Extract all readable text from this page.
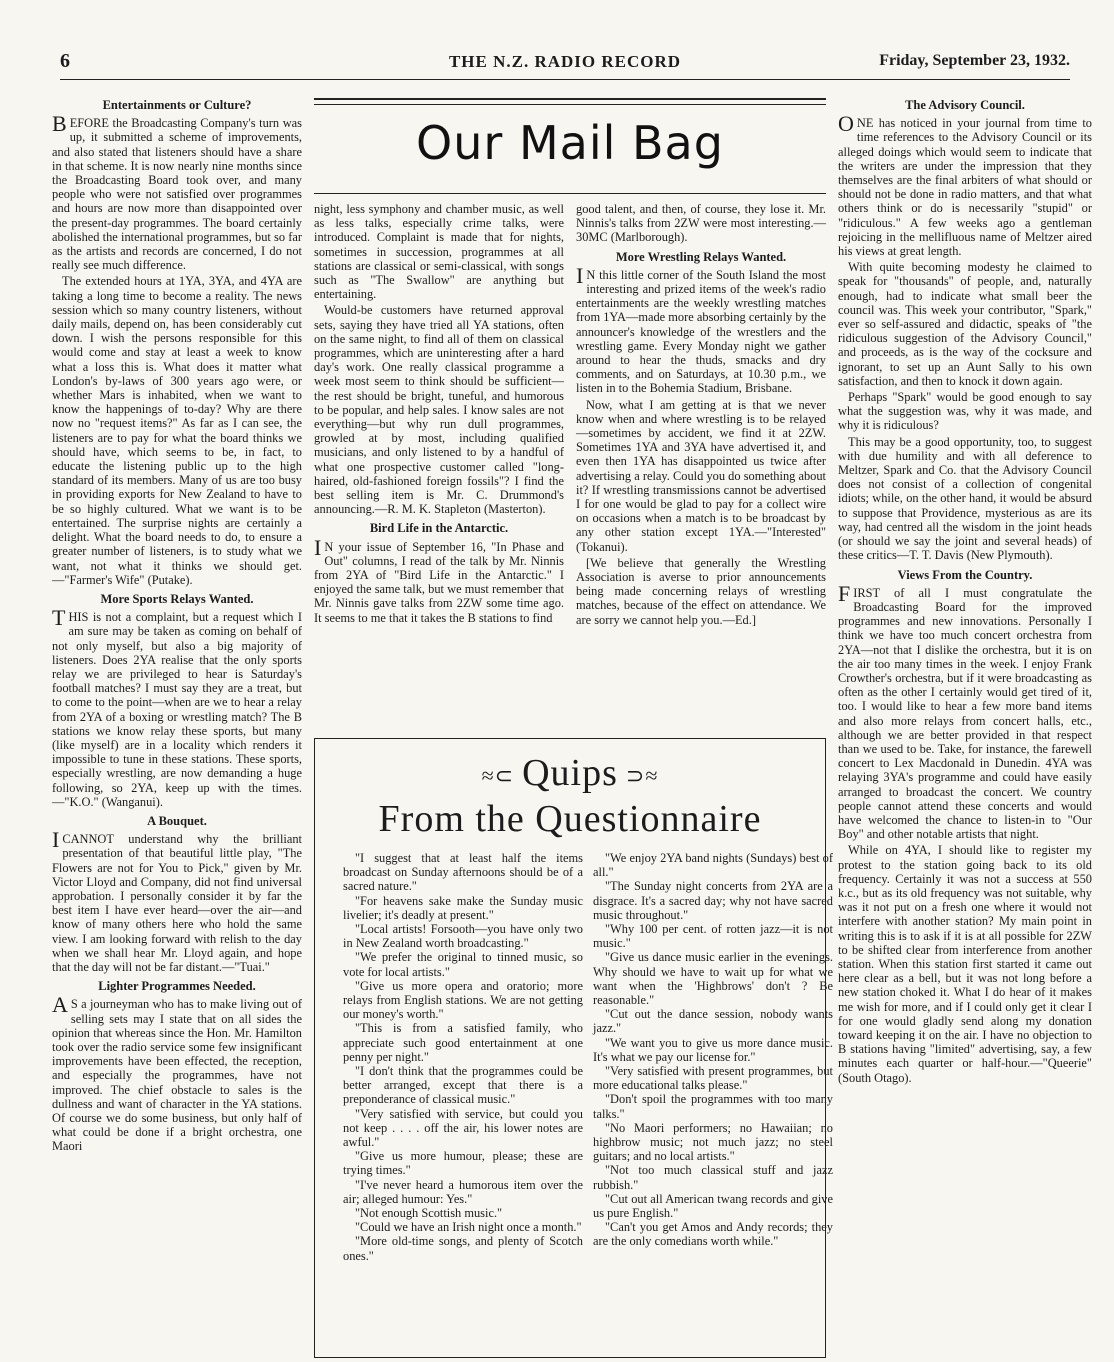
6	THE N.Z. RADIO RECORD	Friday, September 23, 1932.
Entertainments or Culture?

BEFORE the Broadcasting Company's turn was up, it submitted a scheme of improvements, and also stated that listeners should have a share in that scheme. It is now nearly nine months since the Broadcasting Board took over, and many people who were not satisfied over programmes and hours are now more than disappointed over the present-day programmes. The board certainly abolished the international programmes, but so far as the artists and records are concerned, I do not really see much difference.

The extended hours at 1YA, 3YA, and 4YA are taking a long time to become a reality. The news session which so many country listeners, without daily mails, depend on, has been considerably cut down. I wish the persons responsible for this would come and stay at least a week to know what a loss this is. What does it matter what London's by-laws of 300 years ago were, or whether Mars is inhabited, when we want to know the happenings of to-day? Why are there now no "request items?" As far as I can see, the listeners are to pay for what the board thinks we should have, which seems to be, in fact, to educate the listening public up to the high standard of its members. Many of us are too busy in providing exports for New Zealand to have to be so highly cultured. What we want is to be entertained. The surprise nights are certainly a delight. What the board needs to do, to ensure a greater number of listeners, is to study what we want, not what it thinks we should get.—"Farmer's Wife" (Putake).

More Sports Relays Wanted.

THIS is not a complaint, but a request which I am sure may be taken as coming on behalf of not only myself, but also a big majority of listeners. Does 2YA realise that the only sports relay we are privileged to hear is Saturday's football matches? I must say they are a treat, but to come to the point—when are we to hear a relay from 2YA of a boxing or wrestling match? The B stations we know relay these sports, but many (like myself) are in a locality which renders it impossible to tune in these stations. These sports, especially wrestling, are now demanding a huge following, so 2YA, keep up with the times.—"K.O." (Wanganui).

A Bouquet.

ICANNOT understand why the brilliant presentation of that beautiful little play, "The Flowers are not for You to Pick," given by Mr. Victor Lloyd and Company, did not find universal approbation. I personally consider it by far the best item I have ever heard—over the air—and know of many others here who hold the same view. I am looking forward with relish to the day when we shall hear Mr. Lloyd again, and hope that the day will not be far distant.—"Tuai."

Lighter Programmes Needed.

A S a journeyman who has to make living out of selling sets may I state that on all sides the opinion that whereas since the Hon. Mr. Hamilton took over the radio service some few insignificant improvements have been effected, the reception, and especially the programmes, have not improved. The chief obstacle to sales is the dullness and want of character in the YA stations. Of course we do some business, but only half of what could be done if a bright orchestra, one Maori

Our Mail Bag

night, less symphony and chamber music, as well as less talks, especially crime talks, were introduced. Complaint is made that for nights, sometimes in succession, programmes at all stations are classical or semi-classical, with songs such as "The Swallow" are anything but entertaining.

Would-be customers have returned approval sets, saying they have tried all YA stations, often on the same night, to find all of them on classical programmes, which are uninteresting after a hard day's work. One really classical programme a week most seem to think should be sufficient—the rest should be bright, tuneful, and humorous to be popular, and help sales. I know sales are not everything—but why run dull programmes, growled at by most, including qualified musicians, and only listened to by a handful of what one prospective customer called "long-haired, old-fashioned foreign fossils"? I find the best selling item is Mr. C. Drummond's announcing.—R. M. K. Stapleton (Masterton).

Bird Life in the Antarctic.

I N your issue of September 16, "In Phase and Out" columns, I read of the talk by Mr. Ninnis from 2YA of "Bird Life in the Antarctic." I enjoyed the same talk, but we must remember that Mr. Ninnis gave talks from 2ZW some time ago. It seems to me that it takes the B stations to find

good talent, and then, of course, they lose it. Mr. Ninnis's talks from 2ZW were most interesting.—30MC (Marlborough).

More Wrestling Relays Wanted.

I N this little corner of the South Island the most interesting and prized items of the week's radio entertainments are the weekly wrestling matches from 1YA—made more absorbing certainly by the announcer's knowledge of the wrestlers and the wrestling game. Every Monday night we gather around to hear the thuds, smacks and dry comments, and on Saturdays, at 10.30 p.m., we listen in to the Bohemia Stadium, Brisbane.

Now, what I am getting at is that we never know when and where wrestling is to be relayed—sometimes by accident, we find it at 2ZW. Sometimes 1YA and 3YA have advertised it, and even then 1YA has disappointed us twice after advertising a relay. Could you do something about it? If wrestling transmissions cannot be advertised I for one would be glad to pay for a collect wire on occasions when a match is to be broadcast by any other station except 1YA.—"Interested" (Tokanui).

[We believe that generally the Wrestling Association is averse to prior announcements being made concerning relays of wrestling matches, because of the effect on attendance. We are sorry we cannot help you.—Ed.]

The Advisory Council.

ONE has noticed in your journal from time to time references to the Advisory Council or its alleged doings which would seem to indicate that the writers are under the impression that they themselves are the final arbiters of what should or should not be done in radio matters, and that what others think or do is necessarily "stupid" or "ridiculous." A few weeks ago a gentleman rejoicing in the mellifluous name of Meltzer aired his views at great length.

With quite becoming modesty he claimed to speak for "thousands" of people, and, naturally enough, had to indicate what small beer the council was. This week your contributor, "Spark," ever so self-assured and didactic, speaks of "the ridiculous suggestion of the Advisory Council," and proceeds, as is the way of the cocksure and ignorant, to set up an Aunt Sally to his own satisfaction, and then to knock it down again.

Perhaps "Spark" would be good enough to say what the suggestion was, why it was made, and why it is ridiculous?

This may be a good opportunity, too, to suggest with due humility and with all deference to Meltzer, Spark and Co. that the Advisory Council does not consist of a collection of congenital idiots; while, on the other hand, it would be absurd to suppose that Providence, mysterious as are its way, had centred all the wisdom in the joint heads (or should we say the joint and several heads) of these critics—T. T. Davis (New Plymouth).

Views From the Country.

FIRST of all I must congratulate the Broadcasting Board for the improved programmes and new innovations. Personally I think we have too much concert orchestra from 2YA—not that I dislike the orchestra, but it is on the air too many times in the week. I enjoy Frank Crowther's orchestra, but if it were broadcasting as often as the other I certainly would get tired of it, too. I would like to hear a few more band items and also more relays from concert halls, etc., although we are better provided in that respect than we used to be. Take, for instance, the farewell concert to Lex Macdonald in Dunedin. 4YA was relaying 3YA's programme and could have easily arranged to broadcast the concert. We country people cannot attend these concerts and would have welcomed the chance to listen-in to "Our Boy" and other notable artists that night.

While on 4YA, I should like to register my protest to the station going back to its old frequency. Certainly it was not a success at 550 k.c., but as its old frequency was not suitable, why was it not put on a fresh one where it would not interfere with another station? My main point in writing this is to ask if it is at all possible for 2ZW to be shifted clear from interference from another station. When this station first started it came out here clear as a bell, but it was not long before a new station choked it. What I do hear of it makes me wish for more, and if I could only get it clear I for one would gladly send along my donation toward keeping it on the air. I have no objection to B stations having "limited" advertising, say, a few minutes each quarter or half-hour.—"Queerie" (South Otago).

≈⊂ Quips ⊃≈
From the Questionnaire

"I suggest that at least half the items broadcast on Sunday afternoons should be of a sacred nature."

"For heavens sake make the Sunday music livelier; it's deadly at present."

"Local artists! Forsooth—you have only two in New Zealand worth broadcasting."

"We prefer the original to tinned music, so vote for local artists."

"Give us more opera and oratorio; more relays from English stations. We are not getting our money's worth."

"This is from a satisfied family, who appreciate such good entertainment at one penny per night."

"I don't think that the programmes could be better arranged, except that there is a preponderance of classical music."

"Very satisfied with service, but could you not keep . . . . off the air, his lower notes are awful."

"Give us more humour, please; these are trying times."

"I've never heard a humorous item over the air; alleged humour: Yes."

"Not enough Scottish music."

"Could we have an Irish night once a month."

"More old-time songs, and plenty of Scotch ones."

"We enjoy 2YA band nights (Sundays) best of all."

"The Sunday night concerts from 2YA are a disgrace. It's a sacred day; why not have sacred music throughout."

"Why 100 per cent. of rotten jazz—it is not music."

"Give us dance music earlier in the evenings. Why should we have to wait up for what we want when the 'Highbrows' don't ? Be reasonable."

"Cut out the dance session, nobody wants jazz."

"We want you to give us more dance music. It's what we pay our license for."

"Very satisfied with present programmes, but more educational talks please."

"Don't spoil the programmes with too many talks."

"No Maori performers; no Hawaiian; no highbrow music; not much jazz; no steel guitars; and no local artists."

"Not too much classical stuff and jazz rubbish."

"Cut out all American twang records and give us pure English."

"Can't you get Amos and Andy records; they are the only comedians worth while."
